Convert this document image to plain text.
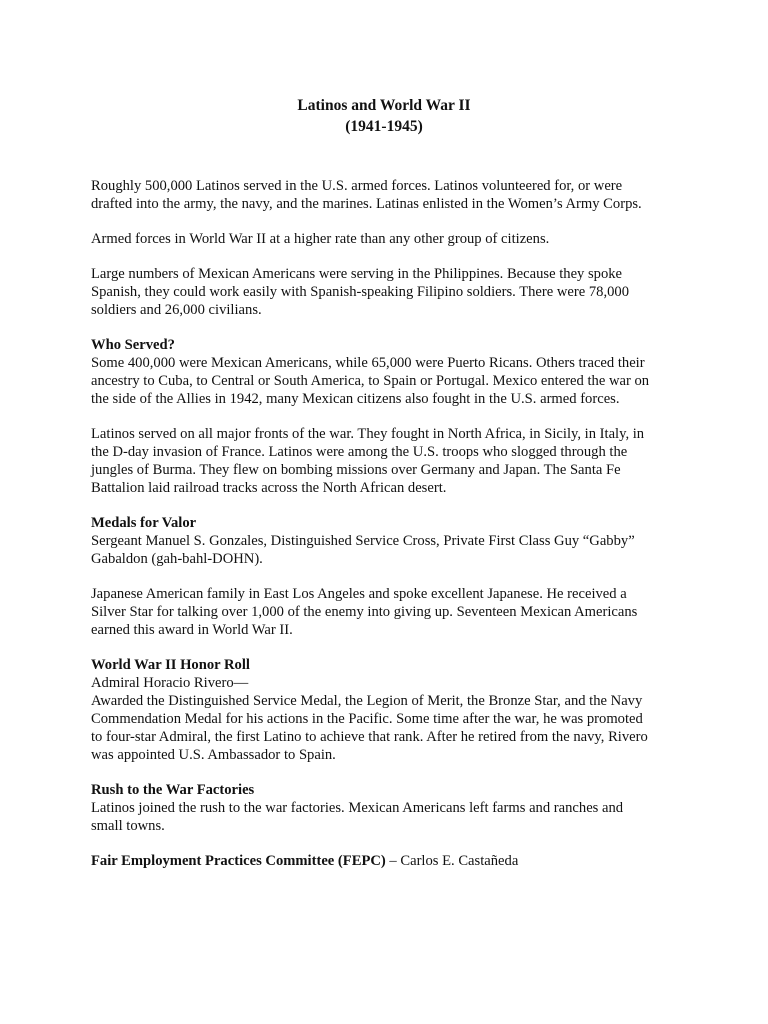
Latinos and World War II
(1941-1945)

Roughly 500,000 Latinos served in the U.S. armed forces. Latinos volunteered for, or were
drafted into the army, the navy, and the marines. Latinas enlisted in the Women’s Army Corps.

Armed forces in World War II at a higher rate than any other group of citizens.

Large numbers of Mexican Americans were serving in the Philippines. Because they spoke
Spanish, they could work easily with Spanish-speaking Filipino soldiers. There were 78,000
soldiers and 26,000 civilians.

Who Served?

Some 400,000 were Mexican Americans, while 65,000 were Puerto Ricans. Others traced their
ancestry to Cuba, to Central or South America, to Spain or Portugal. Mexico entered the war on
the side of the Allies in 1942, many Mexican citizens also fought in the U.S. armed forces.

Latinos served on all major fronts of the war. They fought in North Africa, in Sicily, in Italy, in
the D-day invasion of France. Latinos were among the U.S. troops who slogged through the
jungles of Burma. They flew on bombing missions over Germany and Japan. The Santa Fe
Battalion laid railroad tracks across the North African desert.

Medals for Valor

Sergeant Manuel S. Gonzales, Distinguished Service Cross, Private First Class Guy “Gabby”
Gabaldon (gah-bahl-DOHN).

Japanese American family in East Los Angeles and spoke excellent Japanese. He received a
Silver Star for talking over 1,000 of the enemy into giving up. Seventeen Mexican Americans
earned this award in World War II.

World War II Honor Roll

Admiral Horacio Rivero—
Awarded the Distinguished Service Medal, the Legion of Merit, the Bronze Star, and the Navy
Commendation Medal for his actions in the Pacific. Some time after the war, he was promoted
to four-star Admiral, the first Latino to achieve that rank. After he retired from the navy, Rivero
was appointed U.S. Ambassador to Spain.

Rush to the War Factories

Latinos joined the rush to the war factories. Mexican Americans left farms and ranches and
small towns.

Fair Employment Practices Committee (FEPC) – Carlos E. Castañeda
